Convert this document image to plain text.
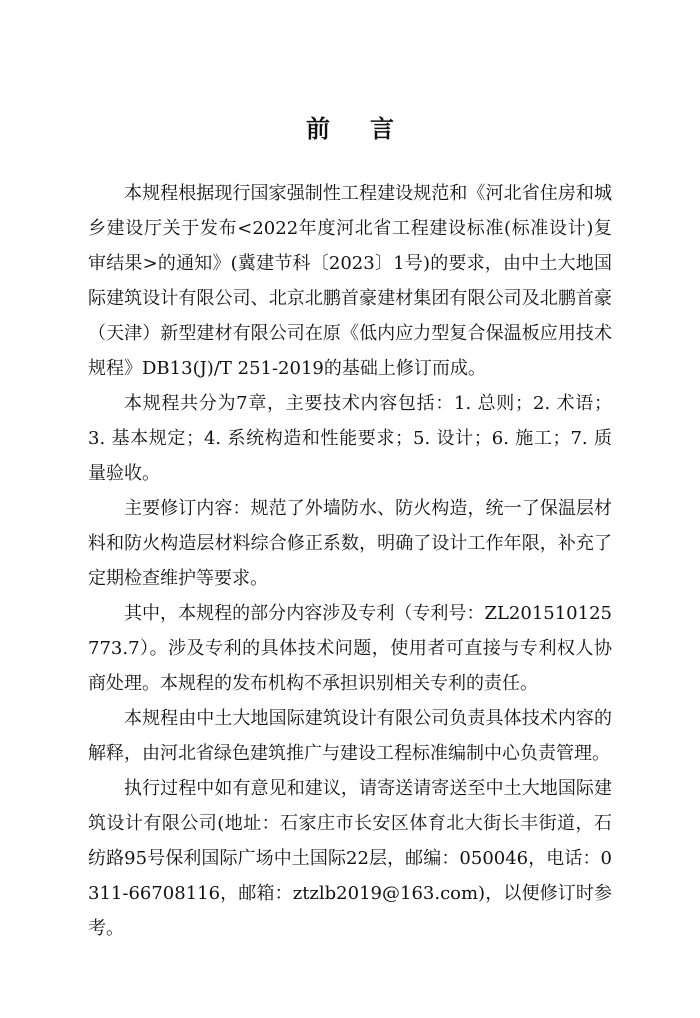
前言

本规程根据现行国家强制性工程建设规范和《河北省住房和城乡建设厅关于发布<2022年度河北省工程建设标准(标准设计)复审结果>的通知》(冀建节科〔2023〕1号)的要求，由中土大地国际建筑设计有限公司、北京北鹏首豪建材集团有限公司及北鹏首豪（天津）新型建材有限公司在原《低内应力型复合保温板应用技术规程》DB13(J)/T 251-2019的基础上修订而成。

本规程共分为7章，主要技术内容包括：1. 总则；2. 术语；3. 基本规定；4. 系统构造和性能要求；5. 设计；6. 施工；7. 质量验收。

主要修订内容：规范了外墙防水、防火构造，统一了保温层材料和防火构造层材料综合修正系数，明确了设计工作年限，补充了定期检查维护等要求。

其中，本规程的部分内容涉及专利（专利号：ZL201510125773.7）。涉及专利的具体技术问题，使用者可直接与专利权人协商处理。本规程的发布机构不承担识别相关专利的责任。

本规程由中土大地国际建筑设计有限公司负责具体技术内容的解释，由河北省绿色建筑推广与建设工程标准编制中心负责管理。

执行过程中如有意见和建议，请寄送请寄送至中土大地国际建筑设计有限公司(地址：石家庄市长安区体育北大街长丰街道，石纺路95号保利国际广场中土国际22层，邮编：050046，电话：0311-66708116，邮箱：ztzlb2019@163.com)，以便修订时参考。
